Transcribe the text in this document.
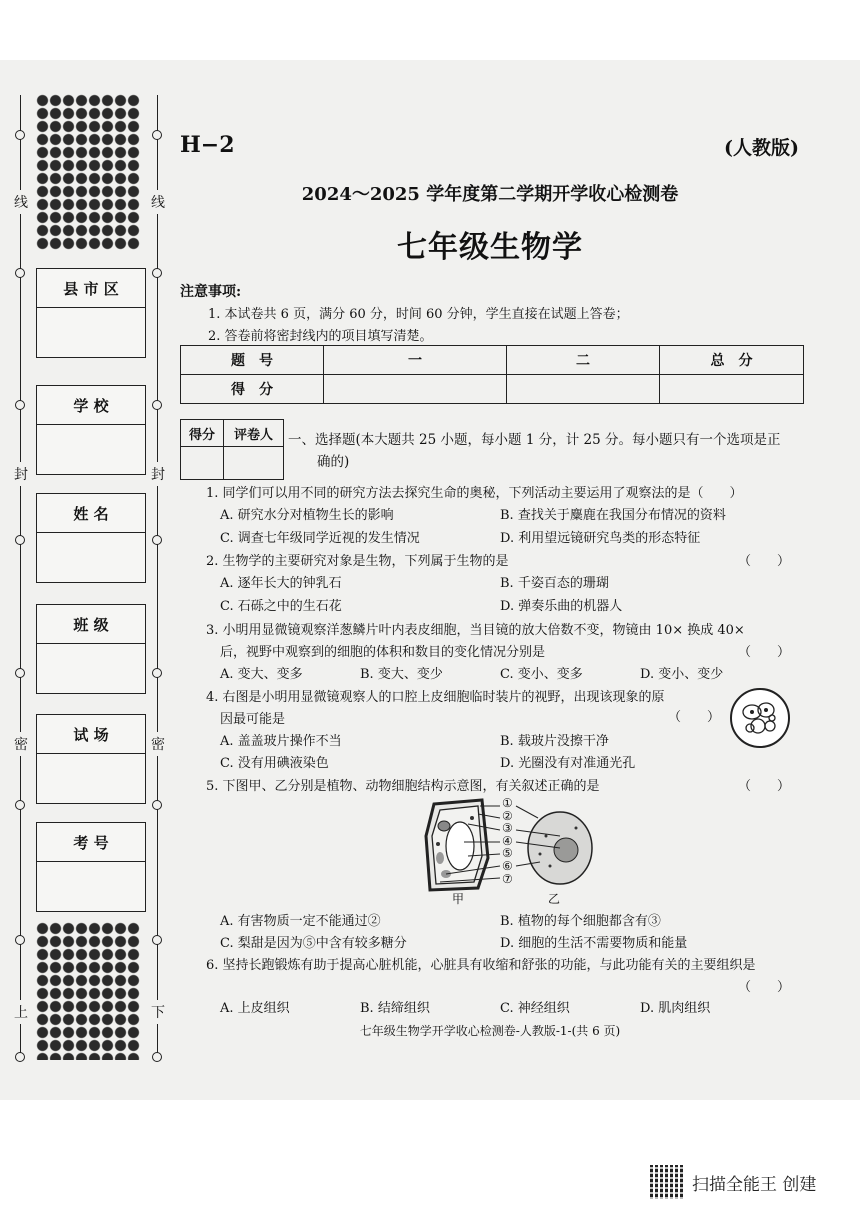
线
封
密
上
线
封
密
下
县 市 区
学 校
姓 名
班 级
试 场
考 号
H−2	(人教版)
2024～2025 学年度第二学期开学收心检测卷
七年级生物学
注意事项:
1. 本试卷共 6 页，满分 60 分，时间 60 分钟，学生直接在试题上答卷；
2. 答卷前将密封线内的项目填写清楚。
题　号	一	二	总　分
得　分			
得分	评卷人
	一、选择题(本大题共 25 小题，每小题 1 分，计 25 分。每小题只有一个选项是正
确的)
1. 同学们可以用不同的研究方法去探究生命的奥秘，下列活动主要运用了观察法的是（　　）
A. 研究水分对植物生长的影响	B. 查找关于麋鹿在我国分布情况的资料
C. 调查七年级同学近视的发生情况	D. 利用望远镜研究鸟类的形态特征
2. 生物学的主要研究对象是生物，下列属于生物的是	（　　）
A. 逐年长大的钟乳石	B. 千姿百态的珊瑚
C. 石砾之中的生石花	D. 弹奏乐曲的机器人
3. 小明用显微镜观察洋葱鳞片叶内表皮细胞，当目镜的放大倍数不变，物镜由 10× 换成 40×
后，视野中观察到的细胞的体积和数目的变化情况分别是	（　　）
A. 变大、变多	B. 变大、变少	C. 变小、变多	D. 变小、变少
4. 右图是小明用显微镜观察人的口腔上皮细胞临时装片的视野，出现该现象的原
因最可能是	（　　）
A. 盖盖玻片操作不当	B. 载玻片没擦干净
C. 没有用碘液染色	D. 光圈没有对准通光孔
5. 下图甲、乙分别是植物、动物细胞结构示意图，有关叙述正确的是	（　　）
①
②
③
④
⑤
⑥
⑦
甲	乙
A. 有害物质一定不能通过②	B. 植物的每个细胞都含有③
C. 梨甜是因为⑤中含有较多糖分	D. 细胞的生活不需要物质和能量
6. 坚持长跑锻炼有助于提高心脏机能，心脏具有收缩和舒张的功能，与此功能有关的主要组织是
（　　）
A. 上皮组织	B. 结缔组织	C. 神经组织	D. 肌肉组织
七年级生物学开学收心检测卷-人教版-1-(共 6 页)
扫描全能王 创建
